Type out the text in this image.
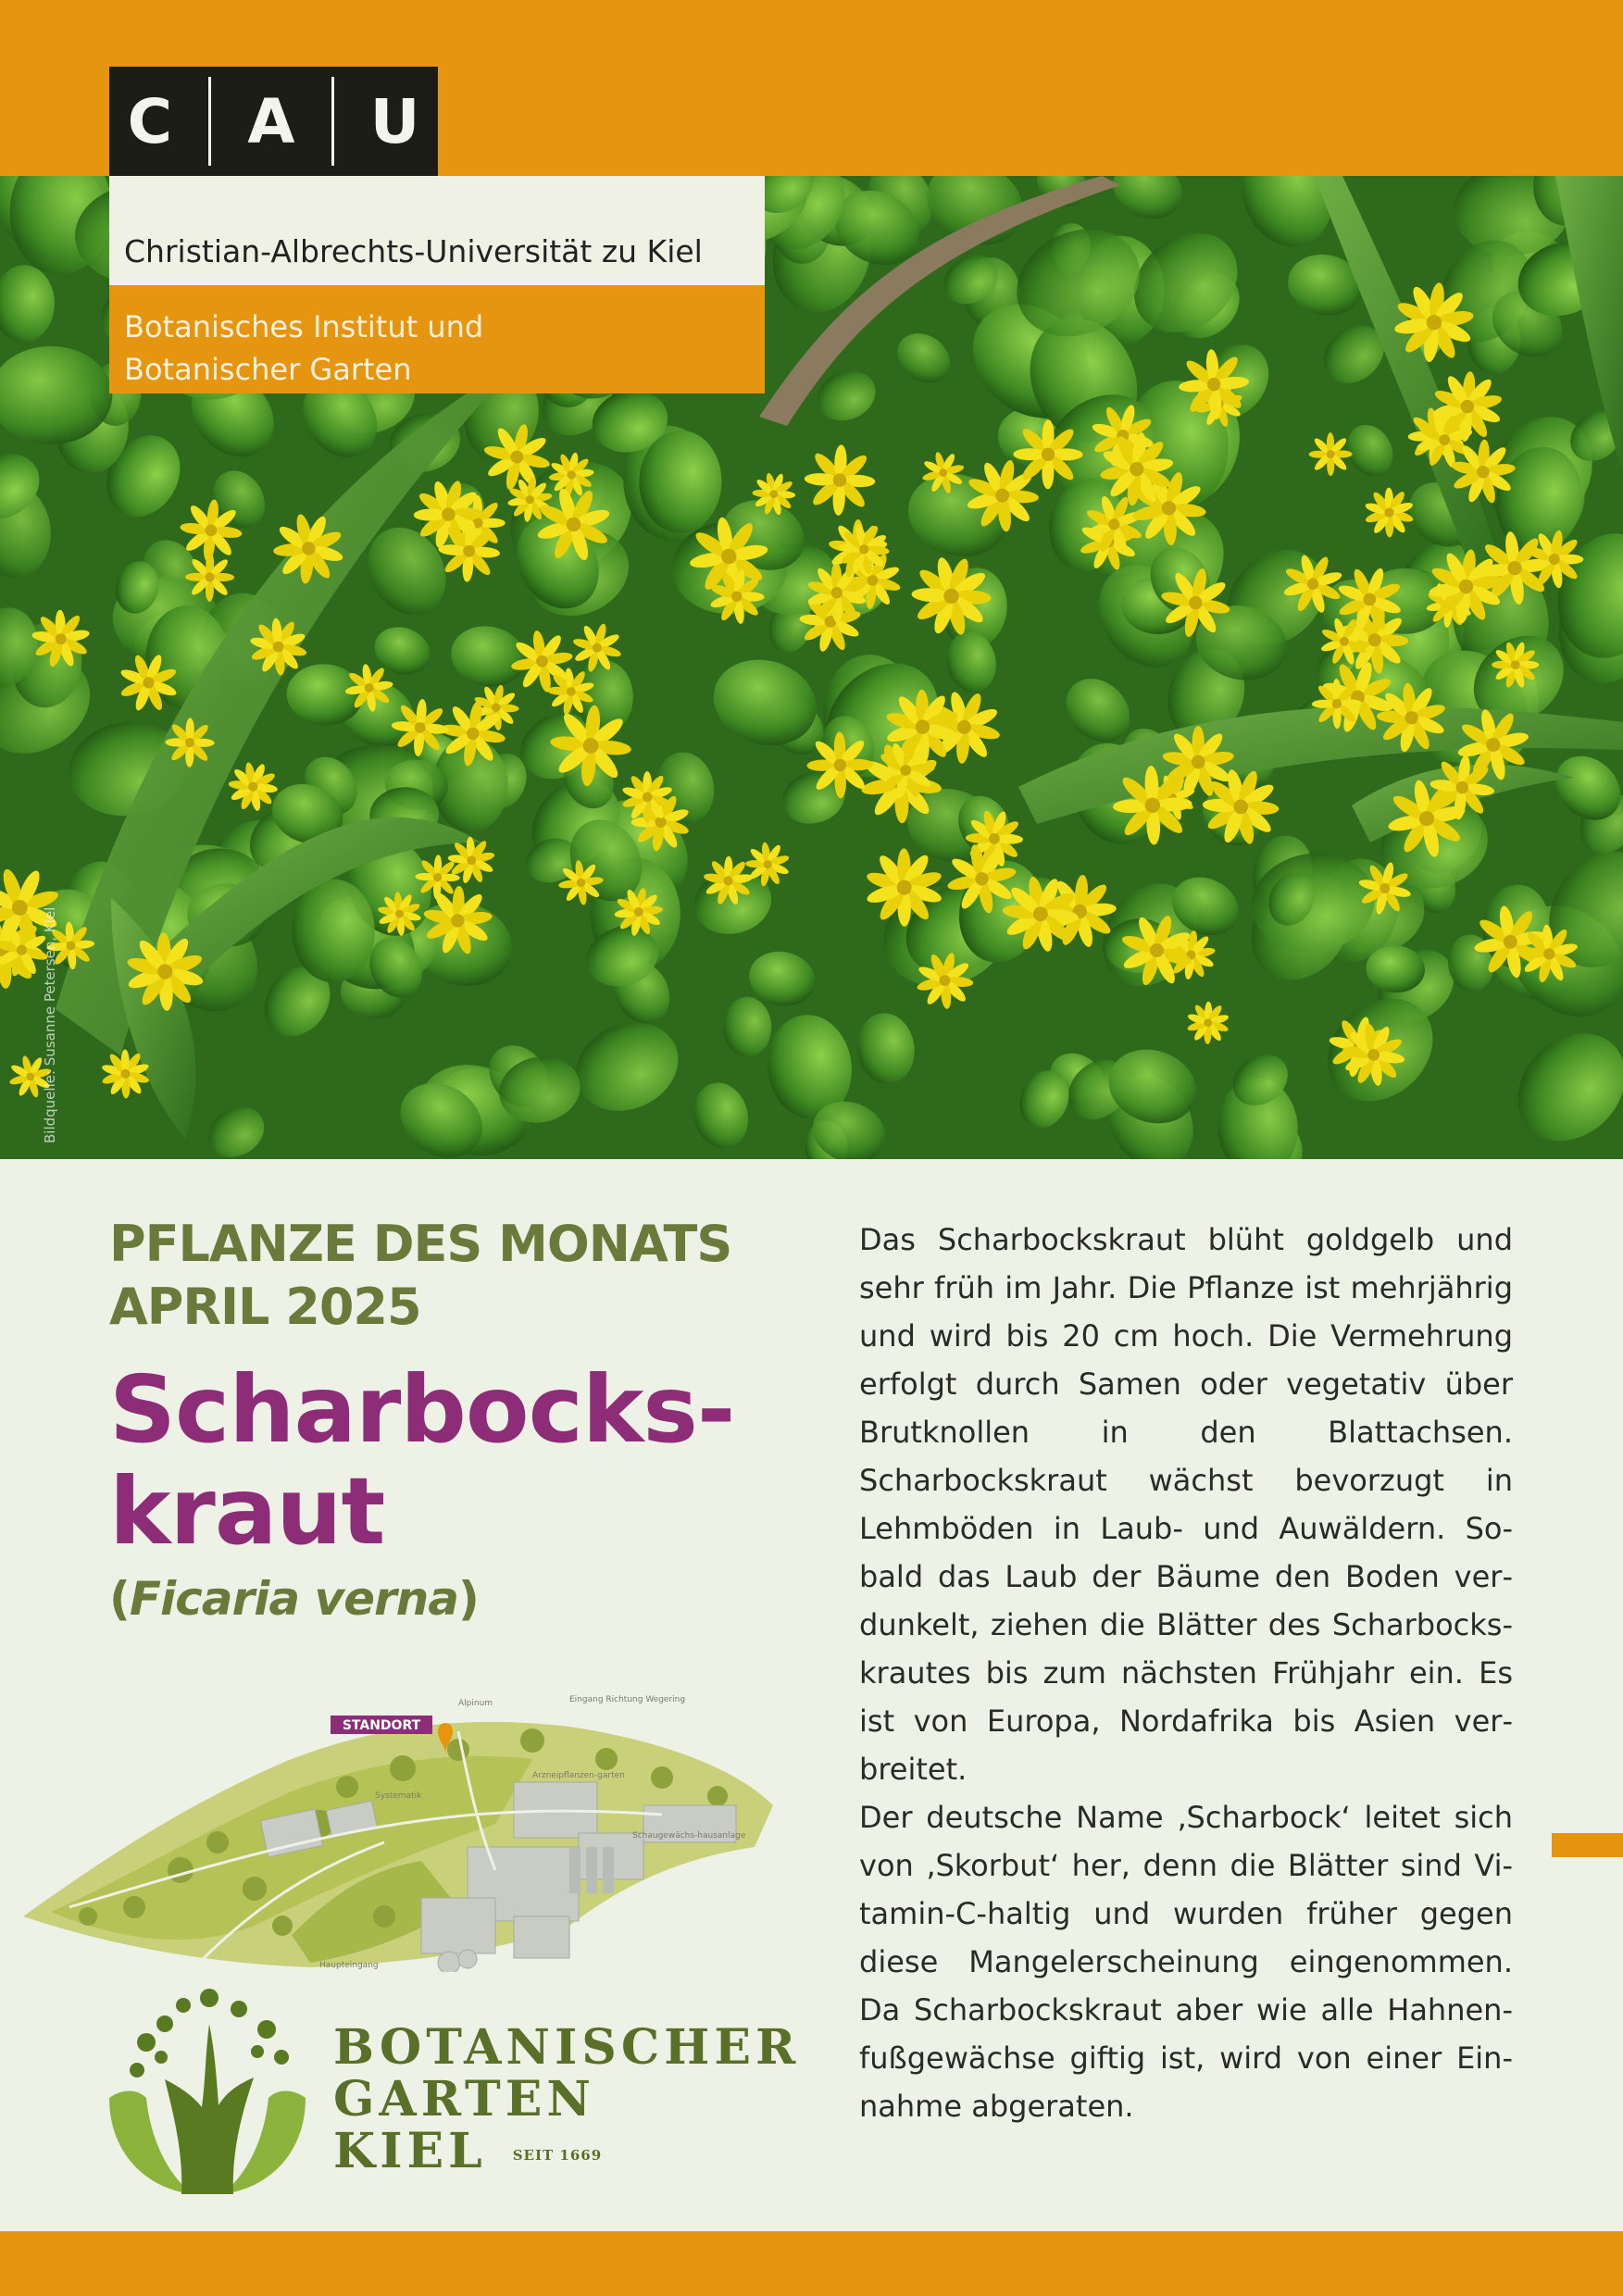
C A U
Christian-Albrechts-Universität zu Kiel
Botanisches Institut und
Botanischer Garten
Bildquelle: Susanne Petersen, Kiel
PFLANZE DES MONATS
APRIL 2025
Scharbocks-
kraut
(Ficaria verna)

Das Scharbockskraut blüht goldgelb und sehr früh im Jahr. Die Pflanze ist mehrjährig und wird bis 20 cm hoch. Die Vermehrung erfolgt durch Samen oder vegetativ über Brutknollen in den Blattachsen. Scharbockskraut wächst bevorzugt in Lehmböden in Laub- und Auwäldern. Sobald das Laub der Bäume den Boden verdunkelt, ziehen die Blätter des Scharbockskrautes bis zum nächsten Frühjahr ein. Es ist von Europa, Nordafrika bis Asien verbreitet.

Der deutsche Name ‚Scharbock‘ leitet sich von ‚Skorbut‘ her, denn die Blätter sind Vitamin-C-haltig und wurden früher gegen diese Mangelerscheinung eingenommen. Da Scharbockskraut aber wie alle Hahnenfußgewächse giftig ist, wird von einer Einnahme abgeraten.

STANDORT
Alpinum	Eingang Richtung Wegering
Arzneipflanzen-garten
Schaugewächs-hausanlage
Haupteingang
Systematik
BOTANISCHER
GARTEN
KIEL SEIT 1669
